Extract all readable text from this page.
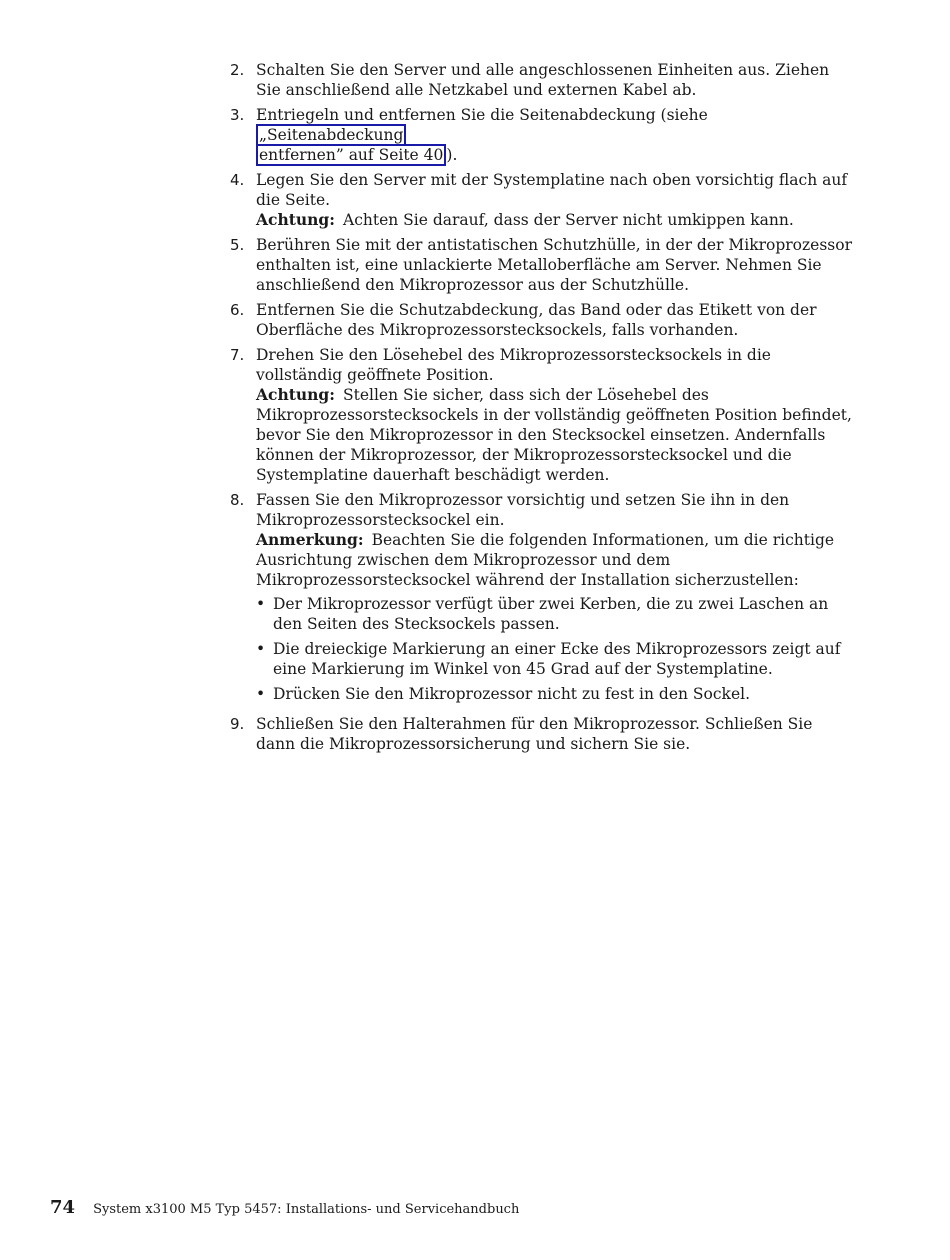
2. Schalten Sie den Server und alle angeschlossenen Einheiten aus. Ziehen Sie anschließend alle Netzkabel und externen Kabel ab.

3. Entriegeln und entfernen Sie die Seitenabdeckung (siehe „Seitenabdeckung
entfernen” auf Seite 40 ).

4. Legen Sie den Server mit der Systemplatine nach oben vorsichtig flach auf die Seite.

Achtung: Achten Sie darauf, dass der Server nicht umkippen kann.

5. Berühren Sie mit der antistatischen Schutzhülle, in der der Mikroprozessor enthalten ist, eine unlackierte Metalloberfläche am Server. Nehmen Sie anschließend den Mikroprozessor aus der Schutzhülle.

6. Entfernen Sie die Schutzabdeckung, das Band oder das Etikett von der Oberfläche des Mikroprozessorstecksockels, falls vorhanden.

7. Drehen Sie den Lösehebel des Mikroprozessorstecksockels in die vollständig geöffnete Position.

Achtung: Stellen Sie sicher, dass sich der Lösehebel des Mikroprozessorstecksockels in der vollständig geöffneten Position befindet, bevor Sie den Mikroprozessor in den Stecksockel einsetzen. Andernfalls können der Mikroprozessor, der Mikroprozessorstecksockel und die Systemplatine dauerhaft beschädigt werden.

8. Fassen Sie den Mikroprozessor vorsichtig und setzen Sie ihn in den Mikroprozessorstecksockel ein.

Anmerkung: Beachten Sie die folgenden Informationen, um die richtige Ausrichtung zwischen dem Mikroprozessor und dem Mikroprozessorstecksockel während der Installation sicherzustellen:

• Der Mikroprozessor verfügt über zwei Kerben, die zu zwei Laschen an den Seiten des Stecksockels passen.
• Die dreieckige Markierung an einer Ecke des Mikroprozessors zeigt auf eine Markierung im Winkel von 45 Grad auf der Systemplatine.
• Drücken Sie den Mikroprozessor nicht zu fest in den Sockel.
9. Schließen Sie den Halterahmen für den Mikroprozessor. Schließen Sie dann die Mikroprozessorsicherung und sichern Sie sie.

74 System x3100 M5 Typ 5457: Installations- und Servicehandbuch
